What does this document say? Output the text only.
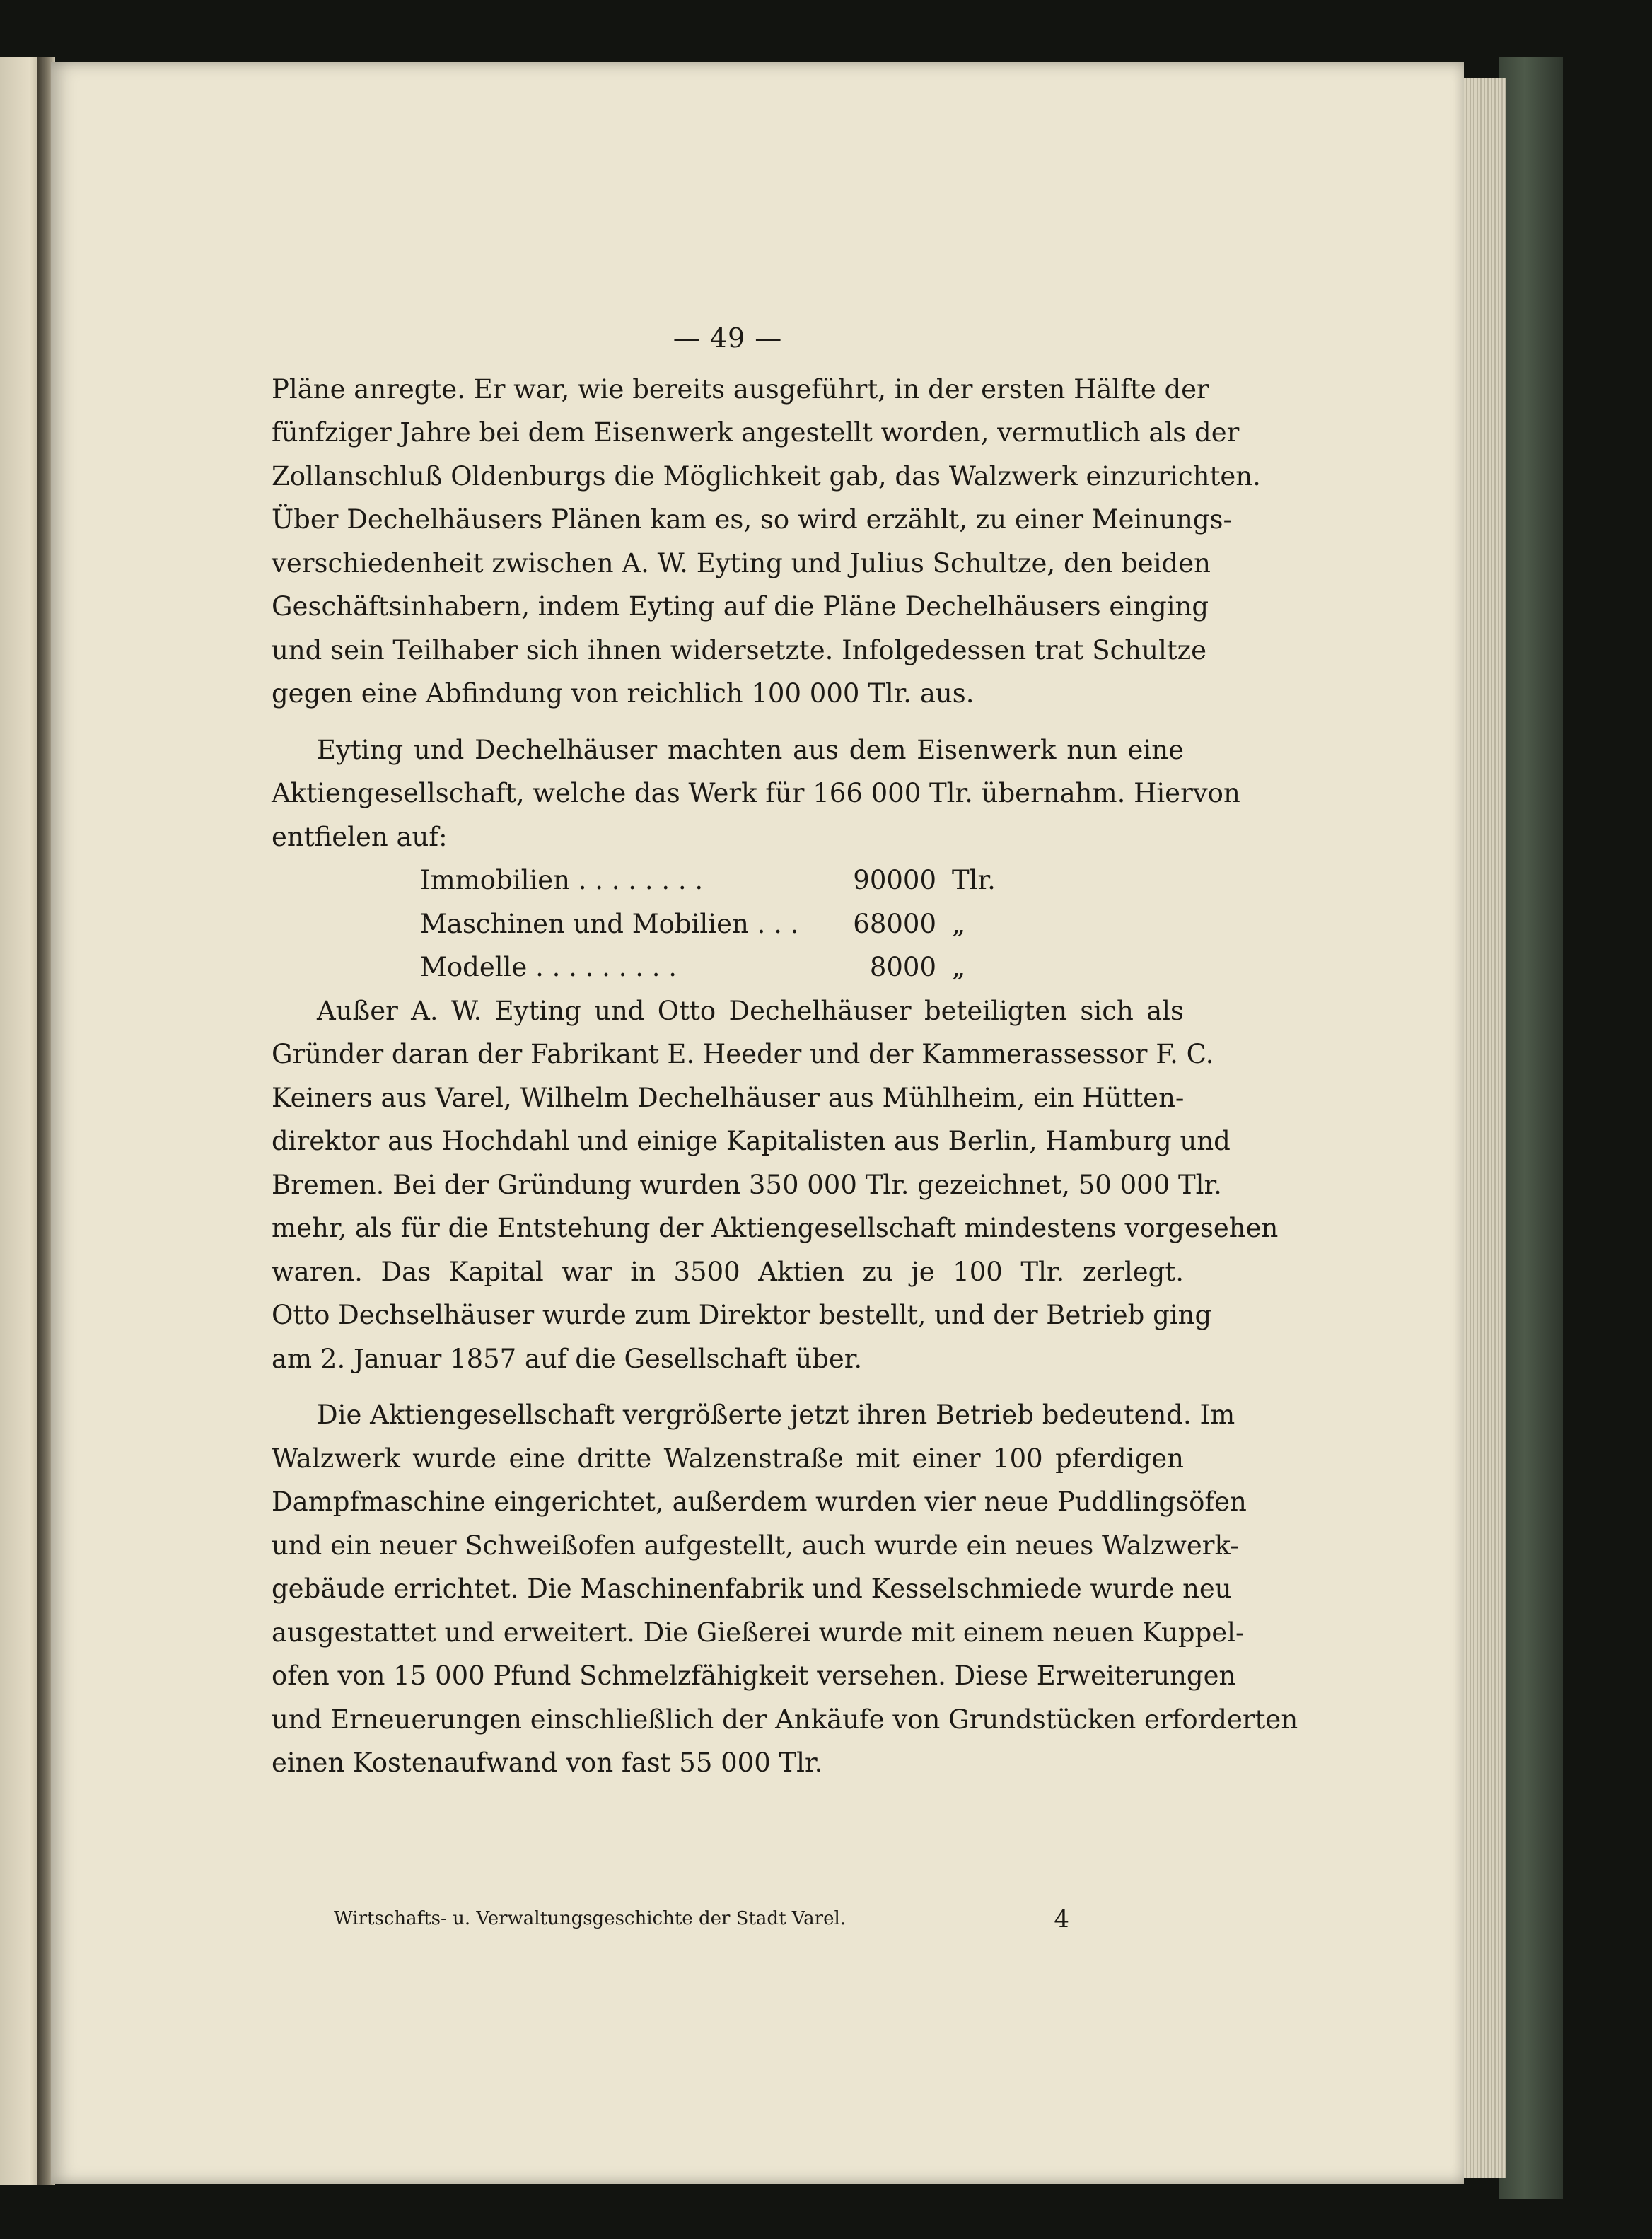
— 49 —

Pläne anregte. Er war, wie bereits ausgeführt, in der ersten Hälfte der
fünfziger Jahre bei dem Eisenwerk angestellt worden, vermutlich als der
Zollanschluß Oldenburgs die Möglichkeit gab, das Walzwerk einzurichten.
Über Dechelhäusers Plänen kam es, so wird erzählt, zu einer Meinungs-
verschiedenheit zwischen A. W. Eyting und Julius Schultze, den beiden
Geschäftsinhabern, indem Eyting auf die Pläne Dechelhäusers einging
und sein Teilhaber sich ihnen widersetzte. Infolgedessen trat Schultze
gegen eine Abfindung von reichlich 100 000 Tlr. aus.

Eyting und Dechelhäuser machten aus dem Eisenwerk nun eine
Aktiengesellschaft, welche das Werk für 166 000 Tlr. übernahm. Hiervon
entfielen auf:

Immobilien . . . . . . . .	90000	Tlr.
Maschinen und Mobilien . . .	68000	„
Modelle . . . . . . . . .	8000	„

Außer A. W. Eyting und Otto Dechelhäuser beteiligten sich als
Gründer daran der Fabrikant E. Heeder und der Kammerassessor F. C.
Keiners aus Varel, Wilhelm Dechelhäuser aus Mühlheim, ein Hütten-
direktor aus Hochdahl und einige Kapitalisten aus Berlin, Hamburg und
Bremen. Bei der Gründung wurden 350 000 Tlr. gezeichnet, 50 000 Tlr.
mehr, als für die Entstehung der Aktiengesellschaft mindestens vorgesehen
waren. Das Kapital war in 3500 Aktien zu je 100 Tlr. zerlegt.
Otto Dechselhäuser wurde zum Direktor bestellt, und der Betrieb ging
am 2. Januar 1857 auf die Gesellschaft über.

Die Aktiengesellschaft vergrößerte jetzt ihren Betrieb bedeutend. Im
Walzwerk wurde eine dritte Walzenstraße mit einer 100 pferdigen
Dampfmaschine eingerichtet, außerdem wurden vier neue Puddlingsöfen
und ein neuer Schweißofen aufgestellt, auch wurde ein neues Walzwerk-
gebäude errichtet. Die Maschinenfabrik und Kesselschmiede wurde neu
ausgestattet und erweitert. Die Gießerei wurde mit einem neuen Kuppel-
ofen von 15 000 Pfund Schmelzfähigkeit versehen. Diese Erweiterungen
und Erneuerungen einschließlich der Ankäufe von Grundstücken erforderten
einen Kostenaufwand von fast 55 000 Tlr.

Wirtschafts- u. Verwaltungsgeschichte der Stadt Varel.	4
